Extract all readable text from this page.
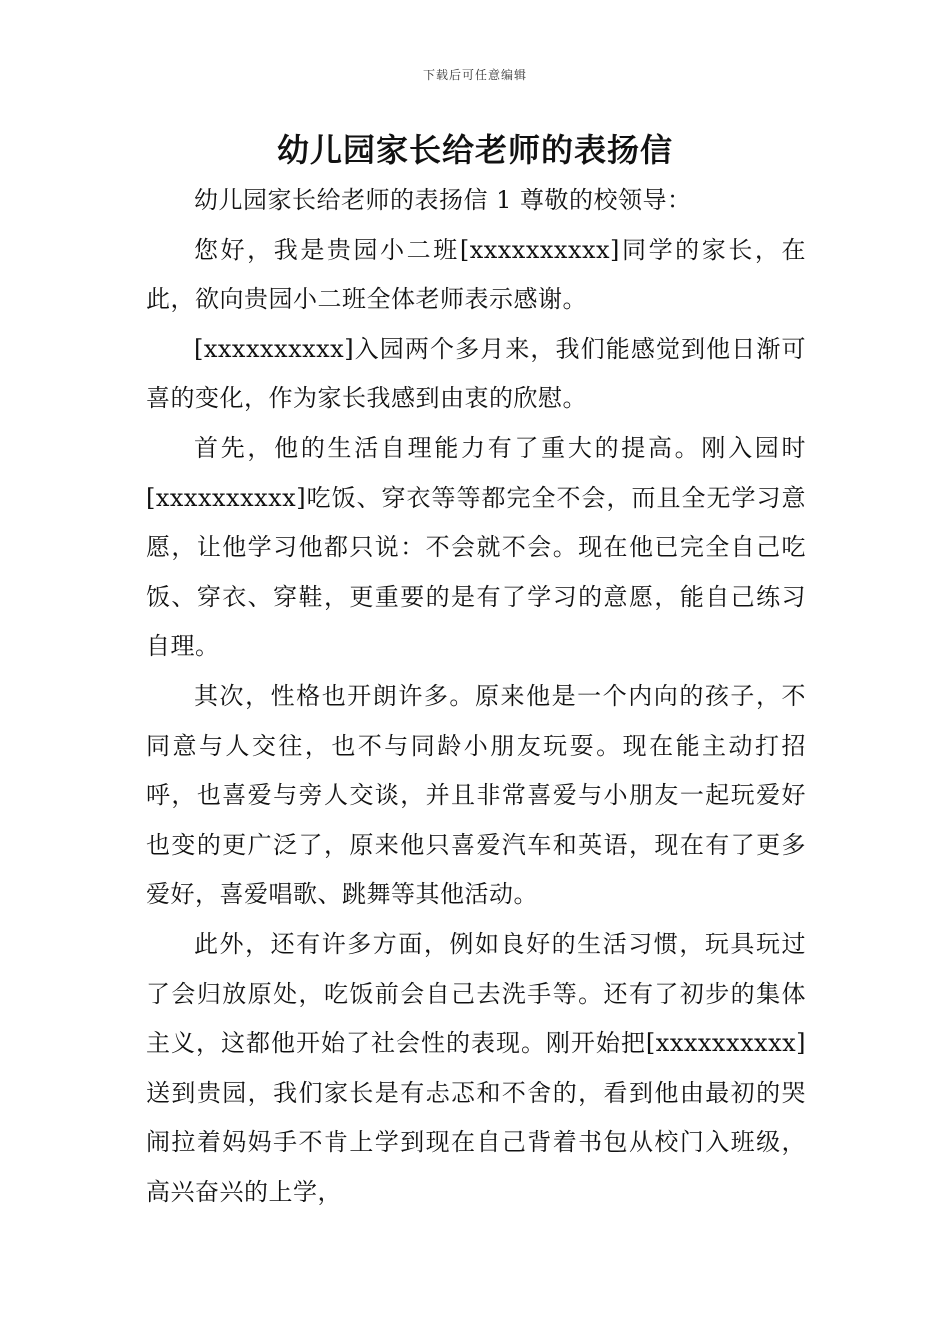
下载后可任意编辑
幼儿园家长给老师的表扬信

幼儿园家长给老师的表扬信 1 尊敬的校领导：

您好，我是贵园小二班[xxxxxxxxxx]同学的家长，在此，欲向贵园小二班全体老师表示感谢。

[xxxxxxxxxx]入园两个多月来，我们能感觉到他日渐可喜的变化，作为家长我感到由衷的欣慰。

首先，他的生活自理能力有了重大的提高。刚入园时[xxxxxxxxxx]吃饭、穿衣等等都完全不会，而且全无学习意愿，让他学习他都只说：不会就不会。现在他已完全自己吃饭、穿衣、穿鞋，更重要的是有了学习的意愿，能自己练习自理。

其次，性格也开朗许多。原来他是一个内向的孩子，不同意与人交往，也不与同龄小朋友玩耍。现在能主动打招呼，也喜爱与旁人交谈，并且非常喜爱与小朋友一起玩爱好也变的更广泛了，原来他只喜爱汽车和英语，现在有了更多爱好，喜爱唱歌、跳舞等其他活动。

此外，还有许多方面，例如良好的生活习惯，玩具玩过了会归放原处，吃饭前会自己去洗手等。还有了初步的集体主义，这都他开始了社会性的表现。刚开始把[xxxxxxxxxx]送到贵园，我们家长是有忐忑和不舍的，看到他由最初的哭闹拉着妈妈手不肯上学到现在自己背着书包从校门入班级，高兴奋兴的上学，
